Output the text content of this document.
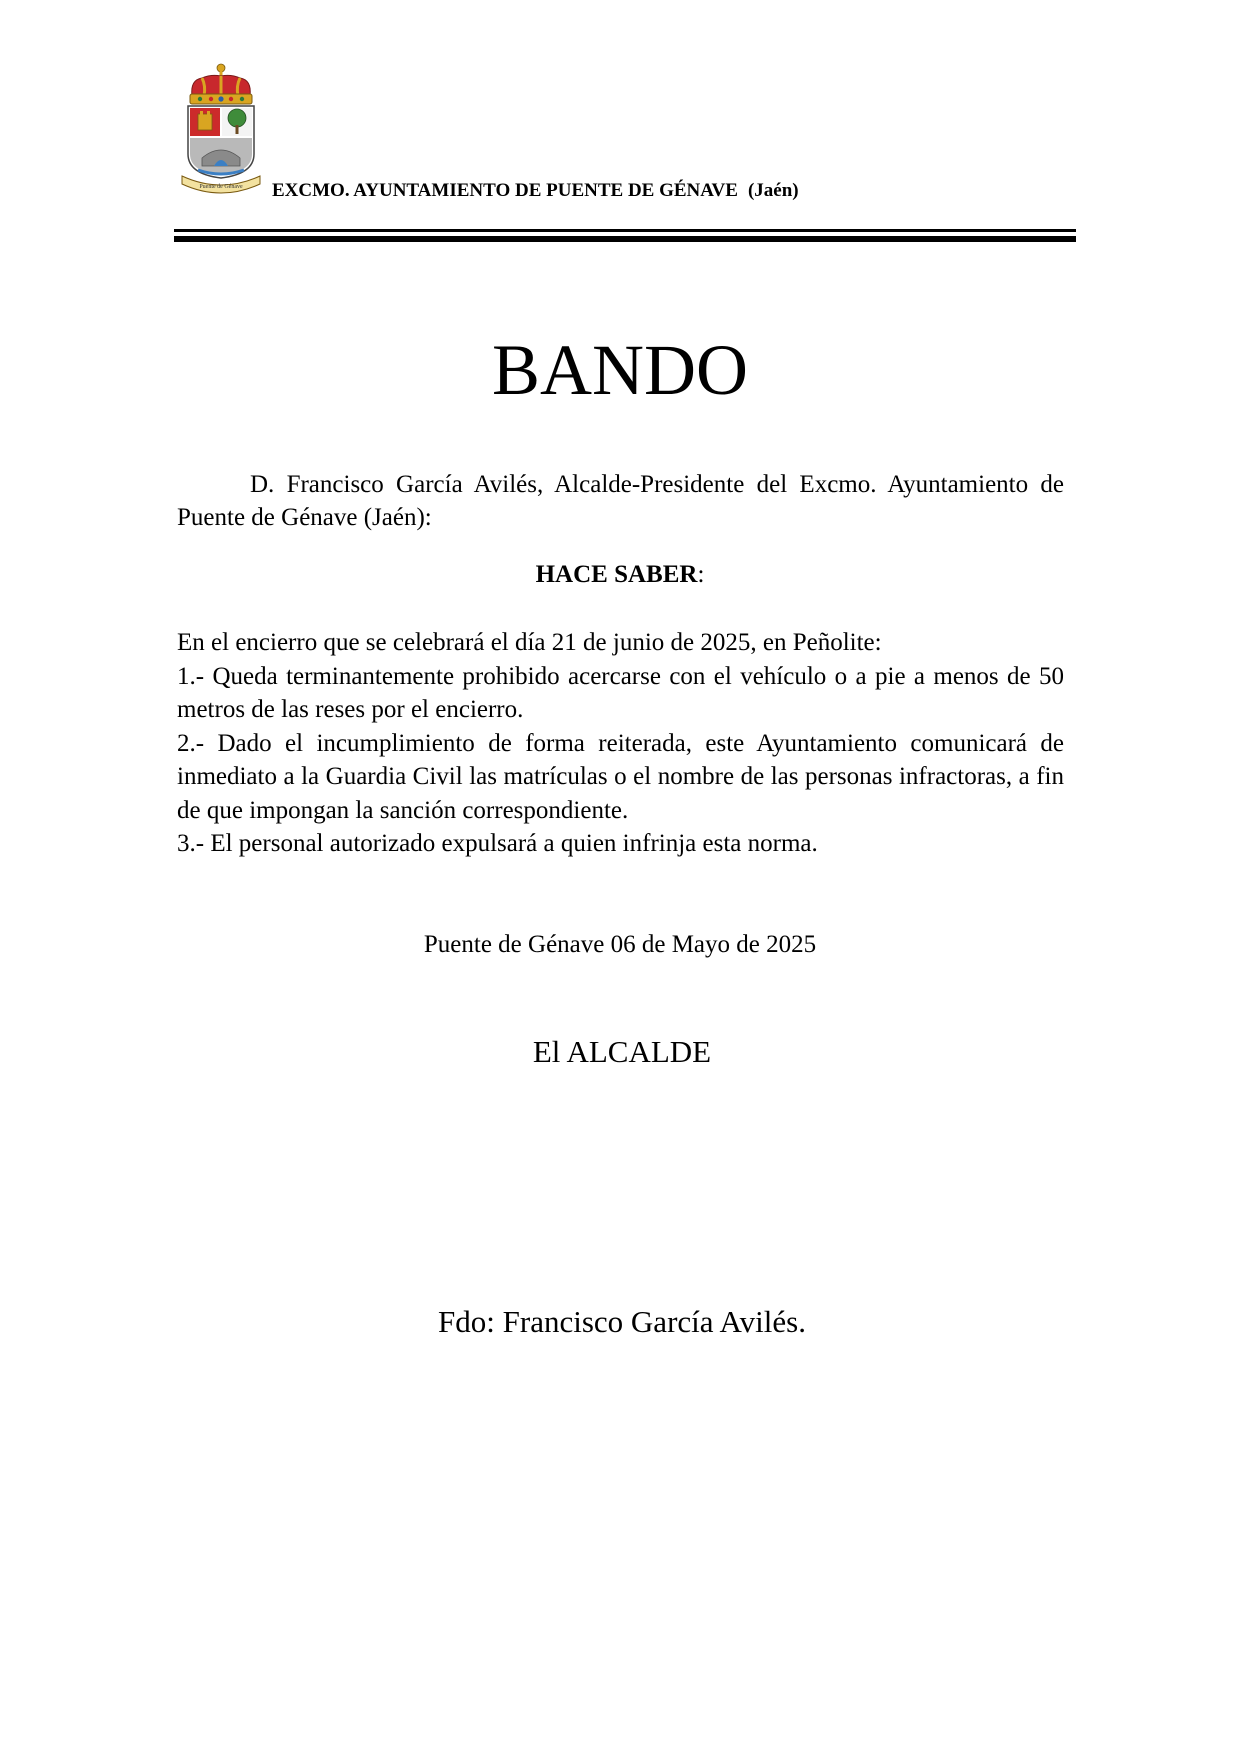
Puente de Génave EXCMO. AYUNTAMIENTO DE PUENTE DE GÉNAVE (Jaén)
BANDO
D. Francisco García Avilés, Alcalde-Presidente del Excmo. Ayuntamiento de Puente de Génave (Jaén):
HACE SABER:

En el encierro que se celebrará el día 21 de junio de 2025, en Peñolite:

1.- Queda terminantemente prohibido acercarse con el vehículo o a pie a menos de 50 metros de las reses por el encierro.

2.- Dado el incumplimiento de forma reiterada, este Ayuntamiento comunicará de inmediato a la Guardia Civil las matrículas o el nombre de las personas infractoras, a fin de que impongan la sanción correspondiente.

3.- El personal autorizado expulsará a quien infrinja esta norma.

Puente de Génave 06 de Mayo de 2025
El ALCALDE
Fdo: Francisco García Avilés.
